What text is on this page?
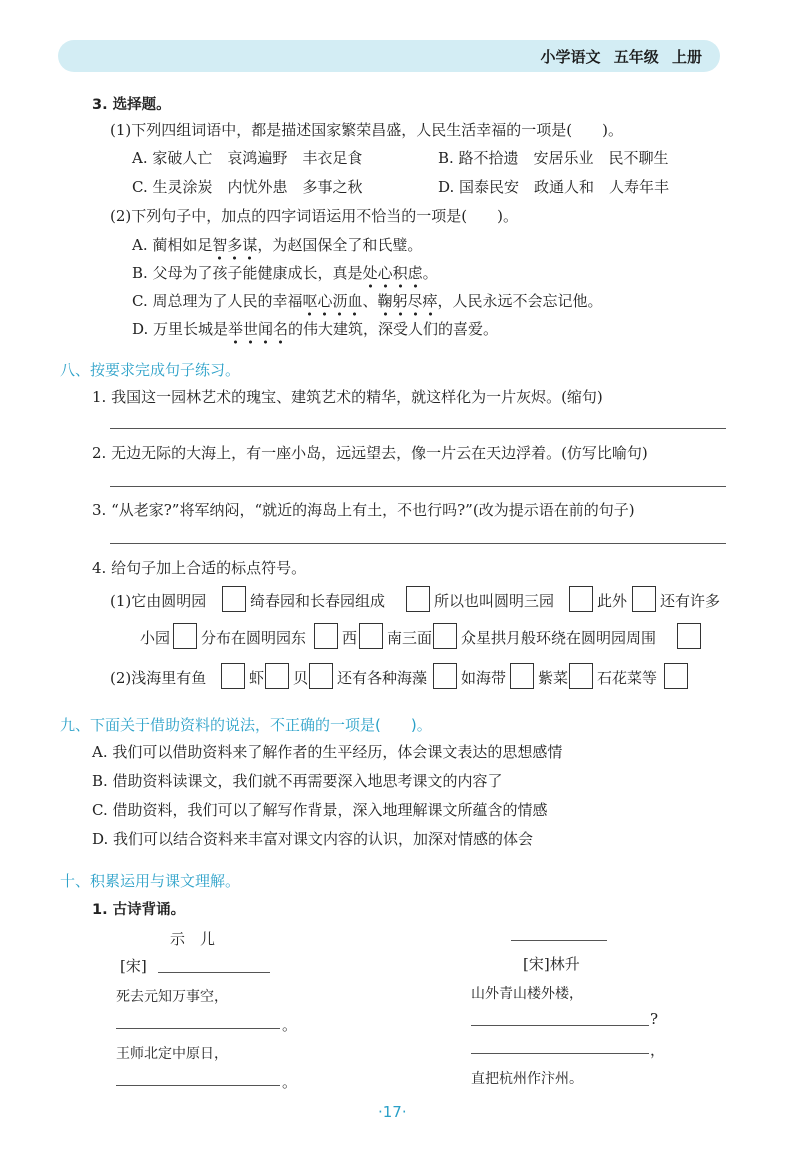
小学语文 五年级 上册
3. 选择题。
(1)下列四组词语中，都是描述国家繁荣昌盛，人民生活幸福的一项是(　　)。
A. 家破人亡　哀鸿遍野　丰衣足食	B. 路不拾遗　安居乐业　民不聊生
C. 生灵涂炭　内忧外患　多事之秋	D. 国泰民安　政通人和　人寿年丰
(2)下列句子中，加点的四字词语运用不恰当的一项是(　　)。
A. 蔺相如足智多谋，为赵国保全了和氏璧。
B. 父母为了孩子能健康成长，真是处心积虑。
C. 周总理为了人民的幸福呕心沥血、鞠躬尽瘁，人民永远不会忘记他。
D. 万里长城是举世闻名的伟大建筑，深受人们的喜爱。
八、按要求完成句子练习。
1. 我国这一园林艺术的瑰宝、建筑艺术的精华，就这样化为一片灰烬。(缩句)
2. 无边无际的大海上，有一座小岛，远远望去，像一片云在天边浮着。(仿写比喻句)
3. “从老家?”将军纳闷，“就近的海岛上有土，不也行吗?”(改为提示语在前的句子)
4. 给句子加上合适的标点符号。
(1)它由圆明园	绮春园和长春园组成	所以也叫圆明三园	此外 还有许多
小园 分布在圆明园东 西 南三面 众星拱月般环绕在圆明园周围
(2)浅海里有鱼	虾 贝 还有各种海藻 如海带 紫菜 石花菜等
九、下面关于借助资料的说法，不正确的一项是(　　)。
A. 我们可以借助资料来了解作者的生平经历，体会课文表达的思想感情
B. 借助资料读课文，我们就不再需要深入地思考课文的内容了
C. 借助资料，我们可以了解写作背景，深入地理解课文所蕴含的情感
D. 我们可以结合资料来丰富对课文内容的认识，加深对情感的体会
十、积累运用与课文理解。
1. 古诗背诵。
示　儿
[宋]
死去元知万事空，
。
王师北定中原日，
。
[宋]林升
山外青山楼外楼，
?
，
直把杭州作汴州。
·17·
